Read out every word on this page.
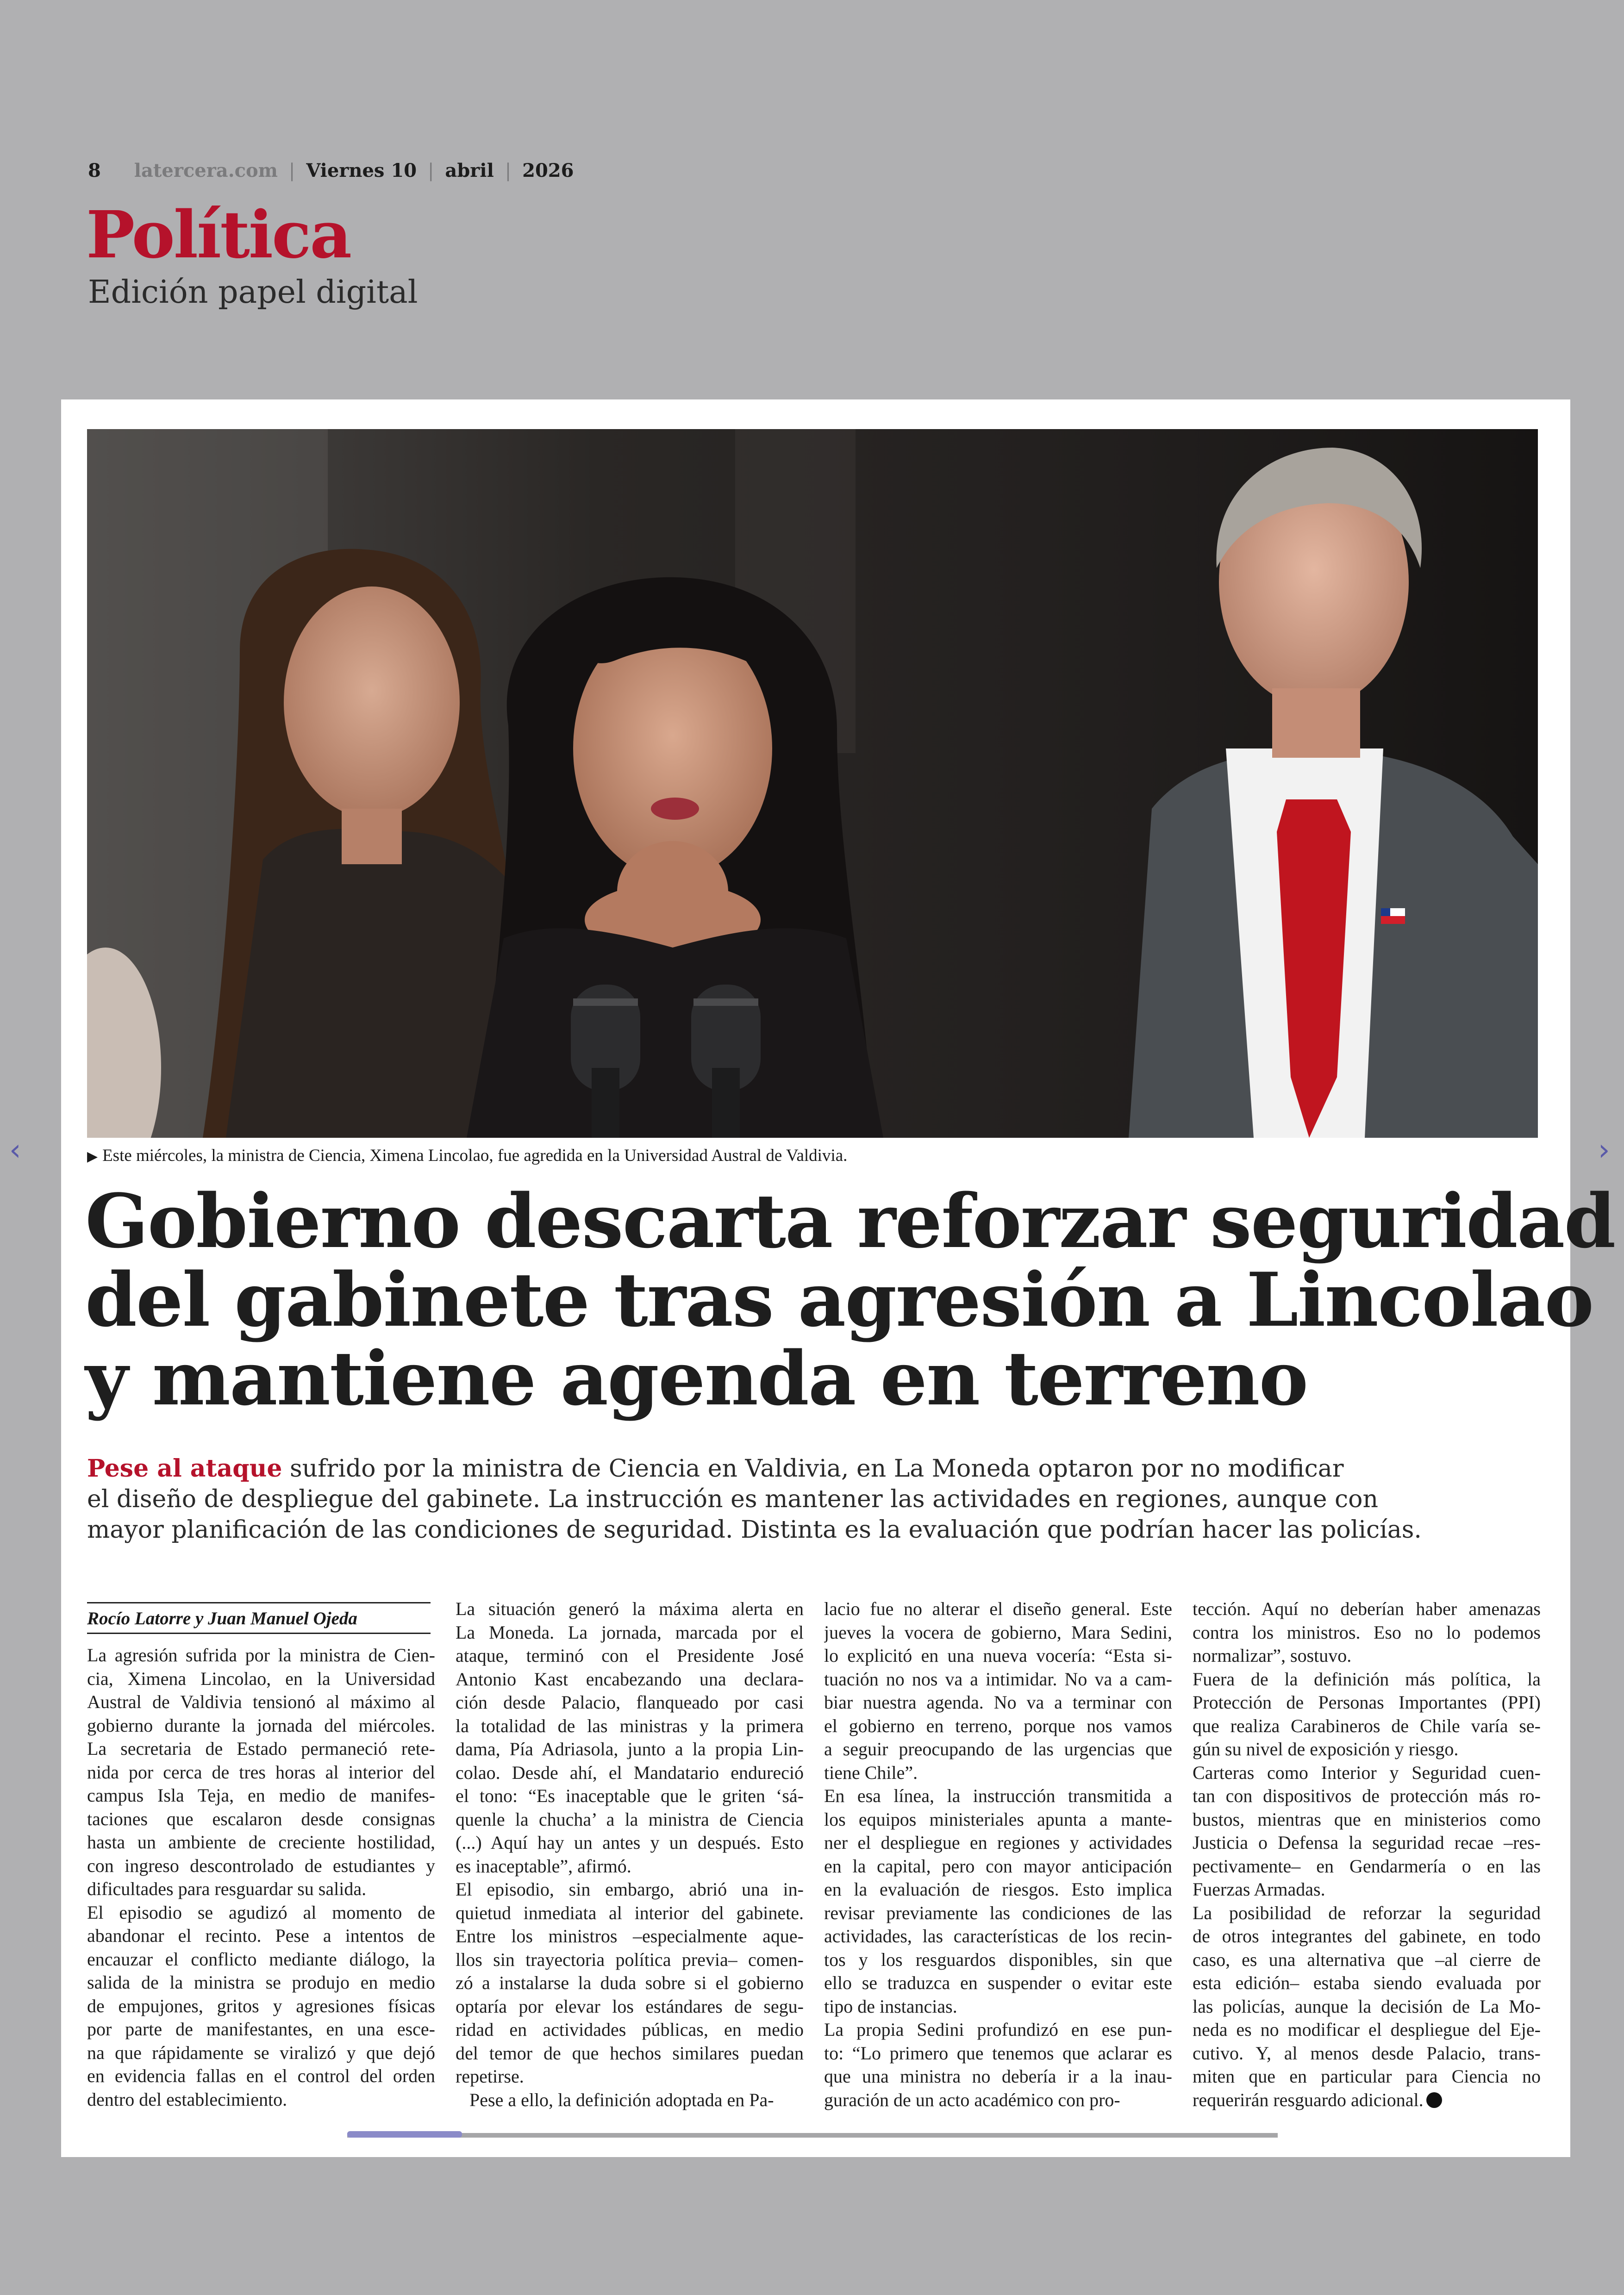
8 latercera.com | Viernes 10 | abril | 2026
Política
Edición papel digital
‹	›
▶ Este miércoles, la ministra de Ciencia, Ximena Lincolao, fue agredida en la Universidad Austral de Valdivia.
Gobierno descarta reforzar seguridad
del gabinete tras agresión a Lincolao
y mantiene agenda en terreno
Pese al ataque sufrido por la ministra de Ciencia en Valdivia, en La Moneda optaron por no modificar
el diseño de despliegue del gabinete. La instrucción es mantener las actividades en regiones, aunque con
mayor planificación de las condiciones de seguridad. Distinta es la evaluación que podrían hacer las policías.
Rocío Latorre y Juan Manuel Ojeda
La agresión sufrida por la ministra de Cien-
cia, Ximena Lincolao, en la Universidad
Austral de Valdivia tensionó al máximo al
gobierno durante la jornada del miércoles.
La secretaria de Estado permaneció rete-
nida por cerca de tres horas al interior del
campus Isla Teja, en medio de manifes-
taciones que escalaron desde consignas
hasta un ambiente de creciente hostilidad,
con ingreso descontrolado de estudiantes y
dificultades para resguardar su salida.
El episodio se agudizó al momento de
abandonar el recinto. Pese a intentos de
encauzar el conflicto mediante diálogo, la
salida de la ministra se produjo en medio
de empujones, gritos y agresiones físicas
por parte de manifestantes, en una esce-
na que rápidamente se viralizó y que dejó
en evidencia fallas en el control del orden
dentro del establecimiento.
La situación generó la máxima alerta en
La Moneda. La jornada, marcada por el
ataque, terminó con el Presidente José
Antonio Kast encabezando una declara-
ción desde Palacio, flanqueado por casi
la totalidad de las ministras y la primera
dama, Pía Adriasola, junto a la propia Lin-
colao. Desde ahí, el Mandatario endureció
el tono: “Es inaceptable que le griten ‘sá-
quenle la chucha’ a la ministra de Ciencia
(...) Aquí hay un antes y un después. Esto
es inaceptable”, afirmó.
El episodio, sin embargo, abrió una in-
quietud inmediata al interior del gabinete.
Entre los ministros –especialmente aque-
llos sin trayectoria política previa– comen-
zó a instalarse la duda sobre si el gobierno
optaría por elevar los estándares de segu-
ridad en actividades públicas, en medio
del temor de que hechos similares puedan
repetirse.
Pese a ello, la definición adoptada en Pa-
lacio fue no alterar el diseño general. Este
jueves la vocera de gobierno, Mara Sedini,
lo explicitó en una nueva vocería: “Esta si-
tuación no nos va a intimidar. No va a cam-
biar nuestra agenda. No va a terminar con
el gobierno en terreno, porque nos vamos
a seguir preocupando de las urgencias que
tiene Chile”.
En esa línea, la instrucción transmitida a
los equipos ministeriales apunta a mante-
ner el despliegue en regiones y actividades
en la capital, pero con mayor anticipación
en la evaluación de riesgos. Esto implica
revisar previamente las condiciones de las
actividades, las características de los recin-
tos y los resguardos disponibles, sin que
ello se traduzca en suspender o evitar este
tipo de instancias.
La propia Sedini profundizó en ese pun-
to: “Lo primero que tenemos que aclarar es
que una ministra no debería ir a la inau-
guración de un acto académico con pro-
tección. Aquí no deberían haber amenazas
contra los ministros. Eso no lo podemos
normalizar”, sostuvo.
Fuera de la definición más política, la
Protección de Personas Importantes (PPI)
que realiza Carabineros de Chile varía se-
gún su nivel de exposición y riesgo.
Carteras como Interior y Seguridad cuen-
tan con dispositivos de protección más ro-
bustos, mientras que en ministerios como
Justicia o Defensa la seguridad recae –res-
pectivamente– en Gendarmería o en las
Fuerzas Armadas.
La posibilidad de reforzar la seguridad
de otros integrantes del gabinete, en todo
caso, es una alternativa que –al cierre de
esta edición– estaba siendo evaluada por
las policías, aunque la decisión de La Mo-
neda es no modificar el despliegue del Eje-
cutivo. Y, al menos desde Palacio, trans-
miten que en particular para Ciencia no
requerirán resguardo adicional.
